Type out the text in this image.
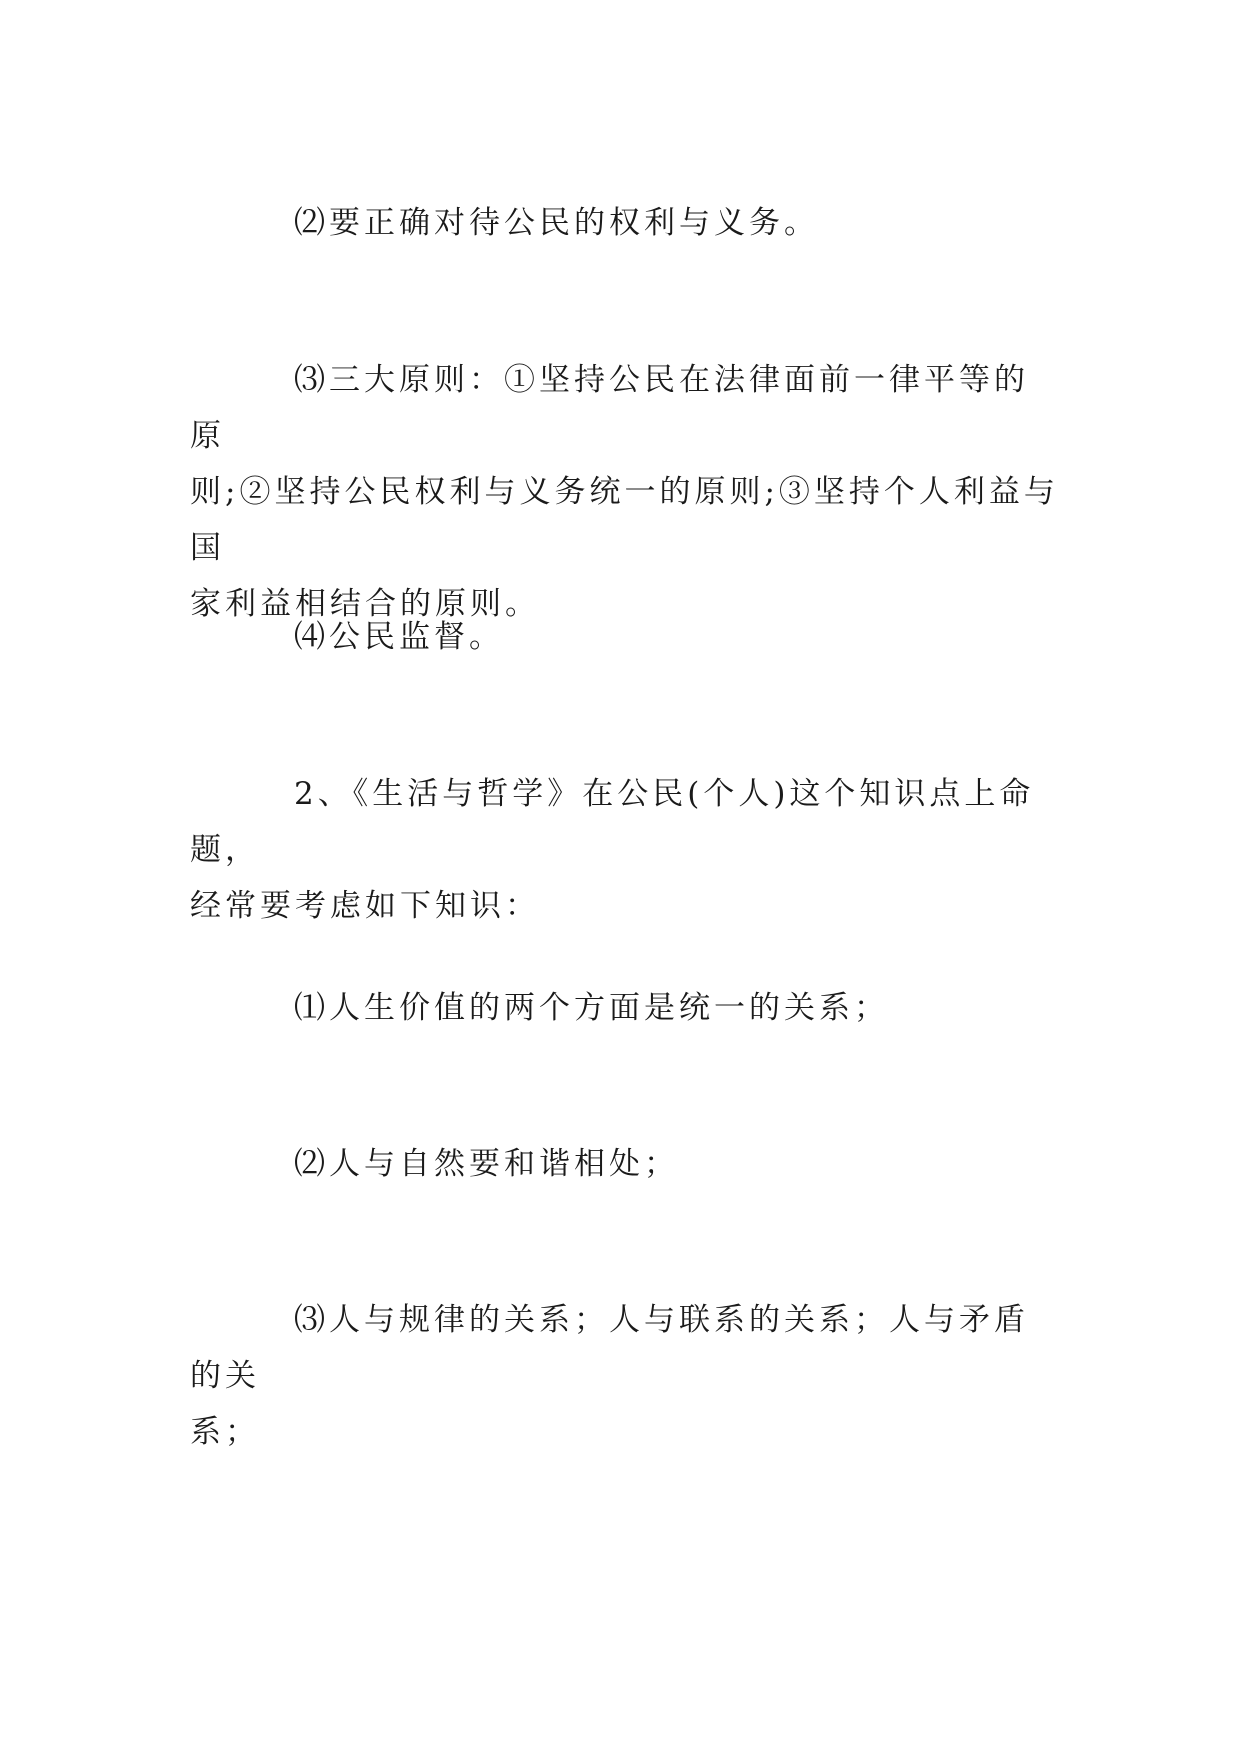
⑵要正确对待公民的权利与义务。

⑶三大原则：①坚持公民在法律面前一律平等的原
则;②坚持公民权利与义务统一的原则;③坚持个人利益与国
家利益相结合的原则。

⑷公民监督。

2、《生活与哲学》在公民(个人)这个知识点上命题，
经常要考虑如下知识：

⑴人生价值的两个方面是统一的关系；

⑵人与自然要和谐相处；

⑶人与规律的关系；人与联系的关系；人与矛盾的关
系；
